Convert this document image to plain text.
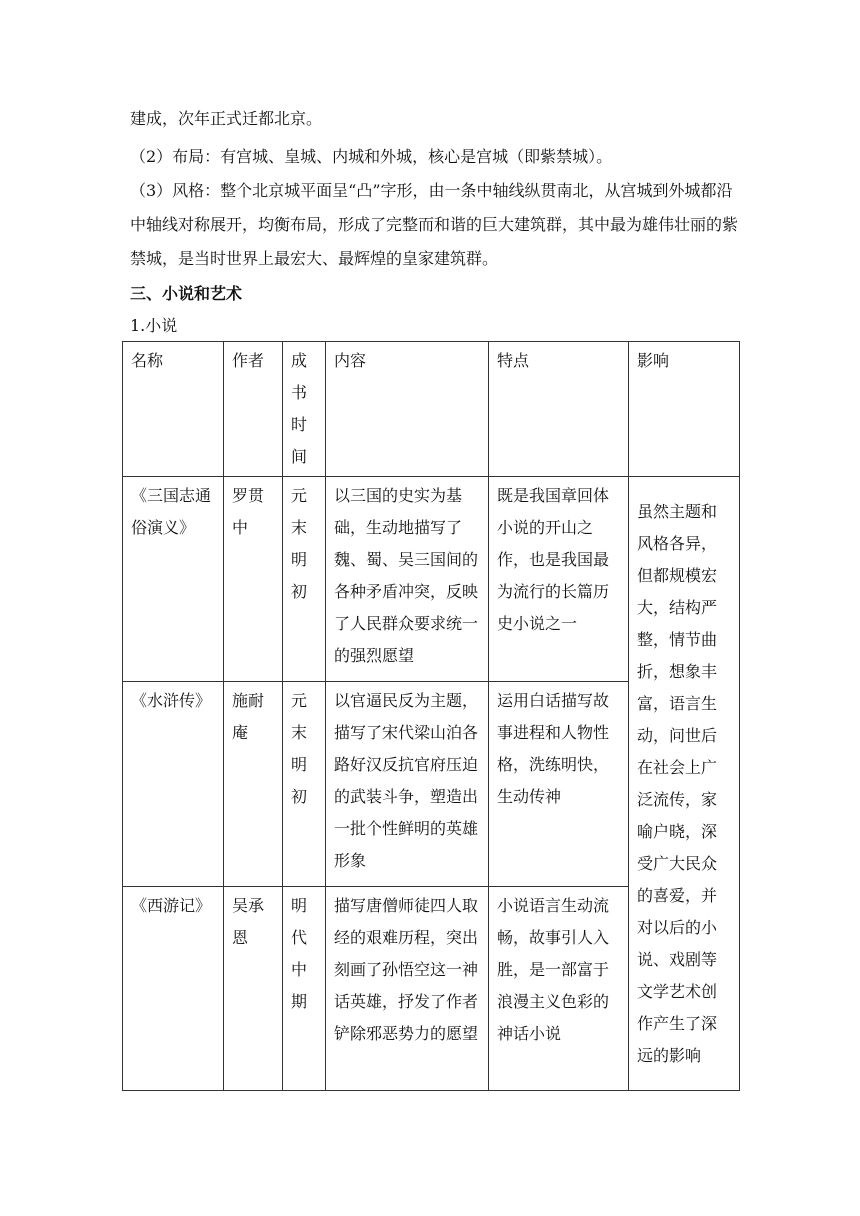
建成，次年正式迁都北京。

（2）布局：有宫城、皇城、内城和外城，核心是宫城（即紫禁城）。

（3）风格：整个北京城平面呈“凸”字形，由一条中轴线纵贯南北，从宫城到外城都沿中轴线对称展开，均衡布局，形成了完整而和谐的巨大建筑群，其中最为雄伟壮丽的紫禁城，是当时世界上最宏大、最辉煌的皇家建筑群。

三、小说和艺术

1.小说

名称	作者	成书时间	内容	特点	影响
《三国志通俗演义》	罗贯中	元末明初	以三国的史实为基础，生动地描写了魏、蜀、吴三国间的各种矛盾冲突，反映了人民群众要求统一的强烈愿望	既是我国章回体小说的开山之作，也是我国最为流行的长篇历史小说之一	虽然主题和风格各异，但都规模宏大，结构严整，情节曲折，想象丰富，语言生动，问世后在社会上广泛流传，家喻户晓，深受广大民众的喜爱，并对以后的小说、戏剧等文学艺术创作产生了深远的影响
《水浒传》	施耐庵	元末明初	以官逼民反为主题，描写了宋代梁山泊各路好汉反抗官府压迫的武装斗争，塑造出一批个性鲜明的英雄形象	运用白话描写故事进程和人物性格，洗练明快，生动传神	
《西游记》	吴承恩	明代中期	描写唐僧师徒四人取经的艰难历程，突出刻画了孙悟空这一神话英雄，抒发了作者铲除邪恶势力的愿望	小说语言生动流畅，故事引人入胜，是一部富于浪漫主义色彩的神话小说	
